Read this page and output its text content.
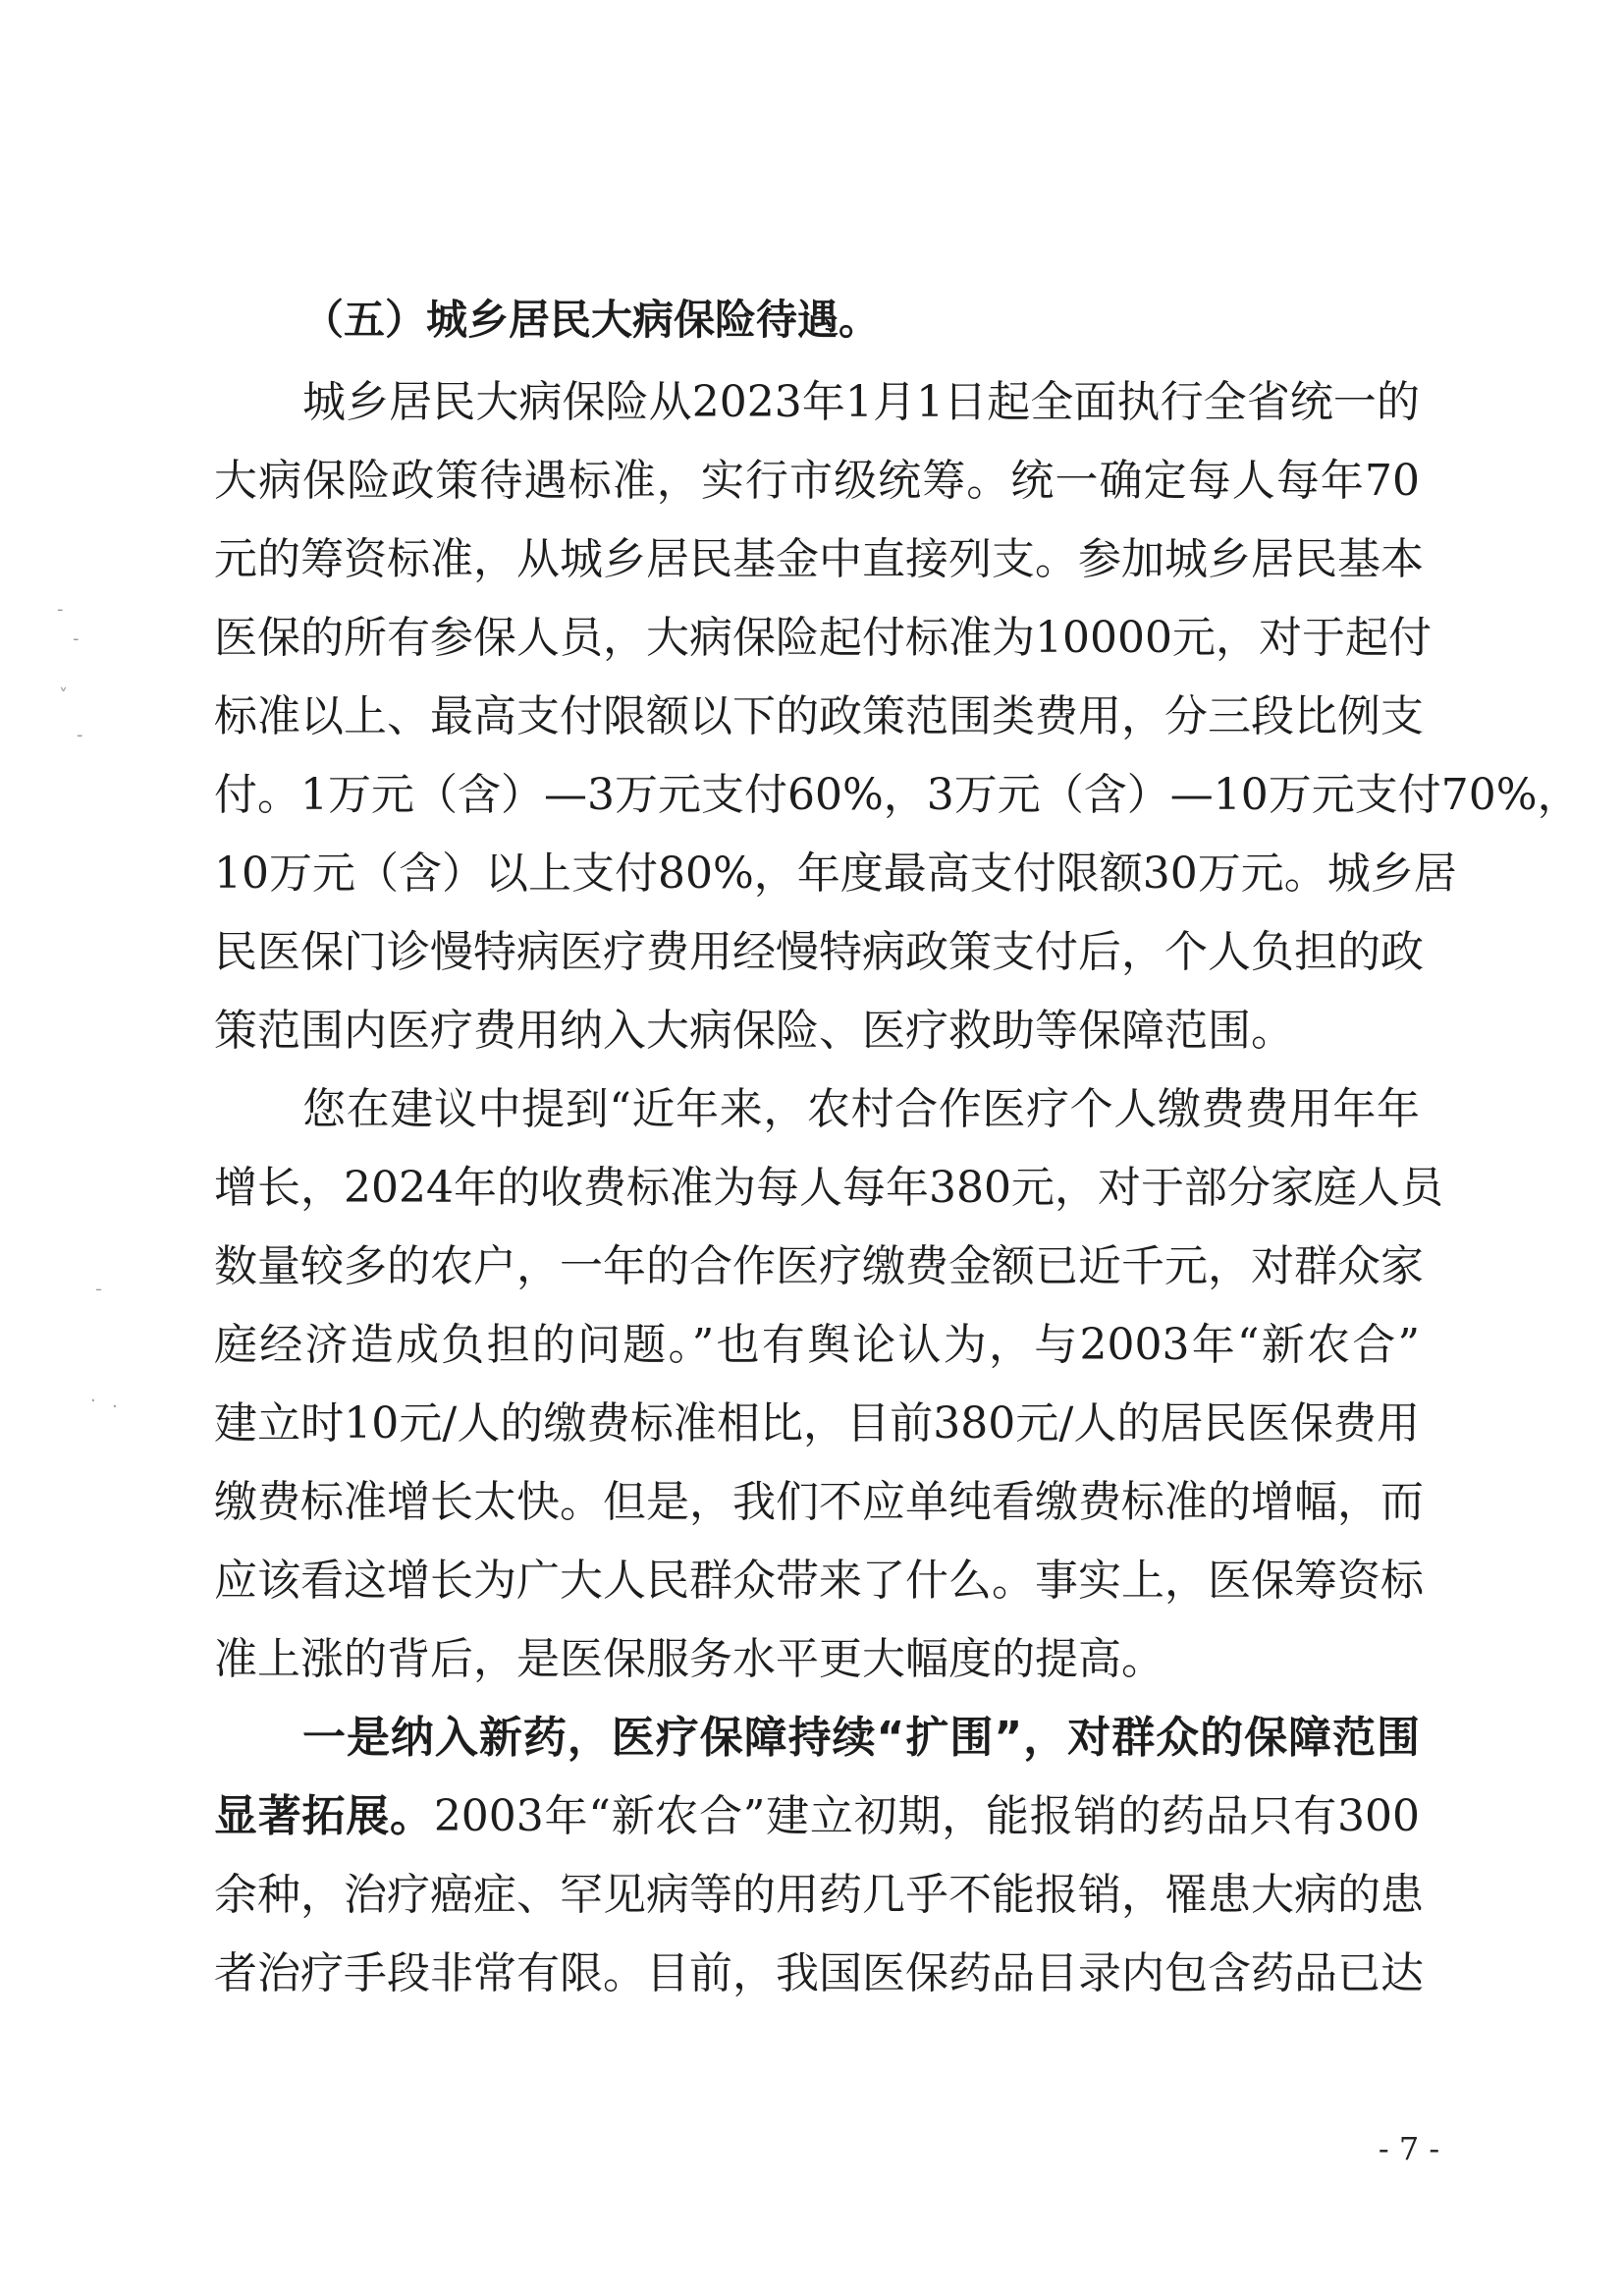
（五）城乡居民大病保险待遇。
城乡居民大病保险从2023年1月1日起全面执行全省统一的
大病保险政策待遇标准，实行市级统筹。统一确定每人每年70
元的筹资标准，从城乡居民基金中直接列支。参加城乡居民基本
医保的所有参保人员，大病保险起付标准为10000元，对于起付
标准以上、最高支付限额以下的政策范围类费用，分三段比例支
付。1万元（含）—3万元支付60%，3万元（含）—10万元支付70%，
10万元（含）以上支付80%，年度最高支付限额30万元。城乡居
民医保门诊慢特病医疗费用经慢特病政策支付后，个人负担的政
策范围内医疗费用纳入大病保险、医疗救助等保障范围。
您在建议中提到“近年来，农村合作医疗个人缴费费用年年
增长，2024年的收费标准为每人每年380元，对于部分家庭人员
数量较多的农户，一年的合作医疗缴费金额已近千元，对群众家
庭经济造成负担的问题。”也有舆论认为，与2003年“新农合”
建立时10元/人的缴费标准相比，目前380元/人的居民医保费用
缴费标准增长太快。但是，我们不应单纯看缴费标准的增幅，而
应该看这增长为广大人民群众带来了什么。事实上，医保筹资标
准上涨的背后，是医保服务水平更大幅度的提高。
一是纳入新药，医疗保障持续“扩围”，对群众的保障范围
显著拓展。2003年“新农合”建立初期，能报销的药品只有300
余种，治疗癌症、罕见病等的用药几乎不能报销，罹患大病的患
者治疗手段非常有限。目前，我国医保药品目录内包含药品已达
- 7 -
-
-
˅
-
ˉ
· ·
